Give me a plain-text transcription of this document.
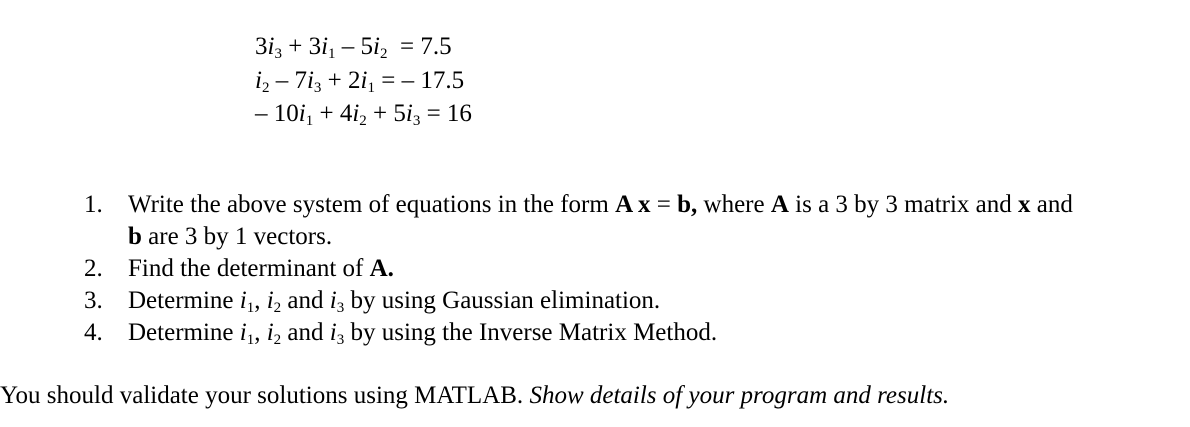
$3i_3 + 3i_1 - 5i_2 = 7.5$
$i_2 - 7i_3 + 2i_1$ = – 17.5
– $10i_1 + 4i_2 + 5i_3 = 16$
1.	Write the above system of equations in the form A x = b, where A is a 3 by 3 matrix and x and
b are 3 by 1 vectors.
2.	Find the determinant of A.
3.	Determine $i_1$, $i_2$ and $i_3$ by using Gaussian elimination.
4.	Determine $i_1$, $i_2$ and $i_3$ by using the Inverse Matrix Method.
You should validate your solutions using MATLAB. Show details of your program and results.
